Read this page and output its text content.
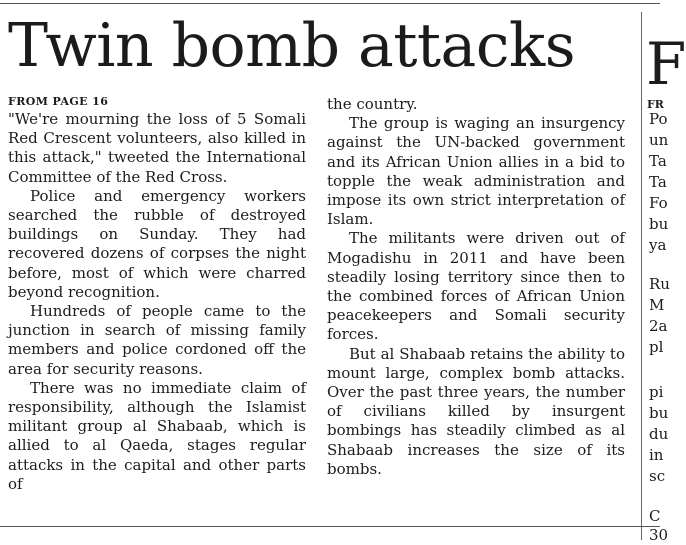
Twin bomb attacks
FROM PAGE 16

"We're mourning the loss of 5 Somali Red Crescent volunteers, also killed in this attack," tweeted the International Committee of the Red Cross.

Police and emergency workers searched the rubble of destroyed buildings on Sunday. They had recovered dozens of corpses the night before, most of which were charred beyond recognition.

Hundreds of people came to the junction in search of missing family members and police cordoned off the area for security reasons.

There was no immediate claim of responsibility, although the Islamist militant group al Shabaab, which is allied to al Qaeda, stages regular attacks in the capital and other parts of

the country.

The group is waging an insurgency against the UN-backed government and its African Union allies in a bid to topple the weak administration and impose its own strict interpretation of Islam.

The militants were driven out of Mogadishu in 2011 and have been steadily losing territory since then to the combined forces of African Union peacekeepers and Somali security forces.

But al Shabaab retains the ability to mount large, complex bomb attacks. Over the past three years, the number of civilians killed by insurgent bombings has steadily climbed as al Shabaab increases the size of its bombs.

F
FR
Po
un
Ta
Ta
Fo
bu
ya
Ru
M
2a
pl
pi
bu
du
in
sc
C
30
